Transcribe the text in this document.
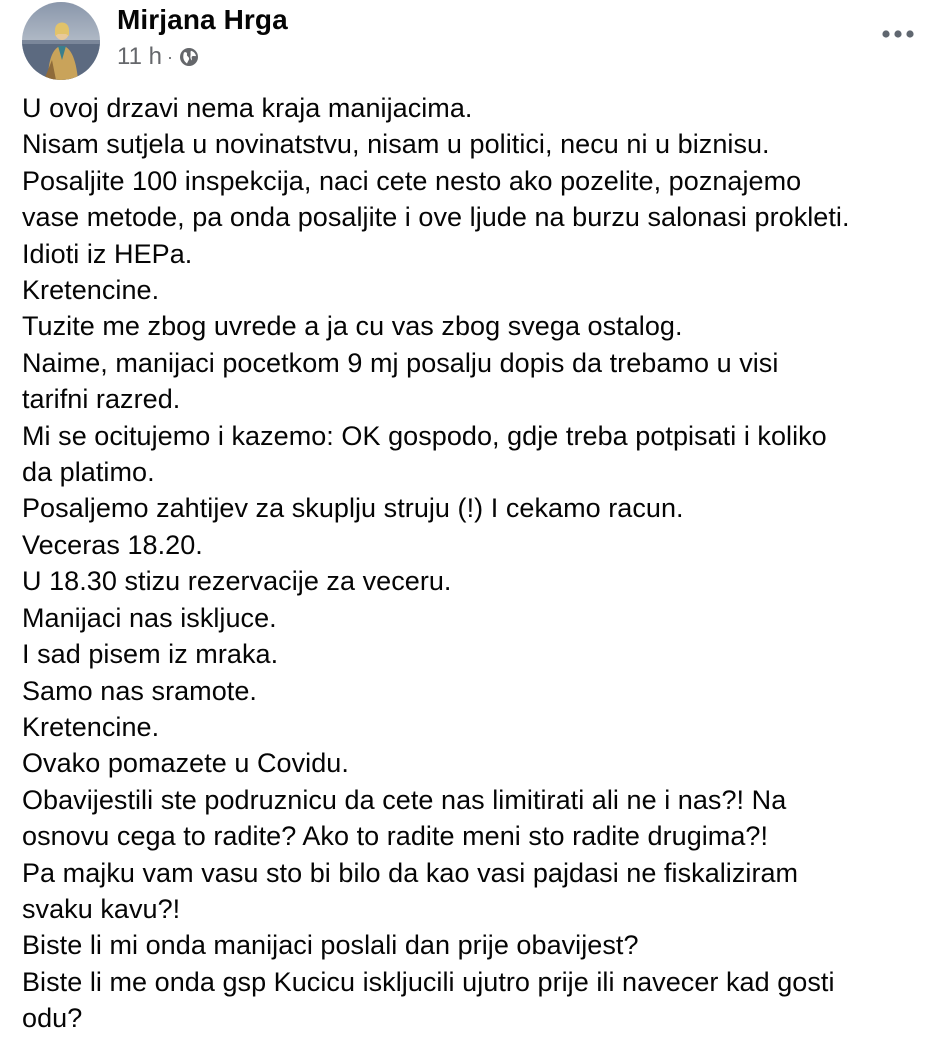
Mirjana Hrga
11 h ·
U ovoj drzavi nema kraja manijacima.
Nisam sutjela u novinatstvu, nisam u politici, necu ni u biznisu.
Posaljite 100 inspekcija, naci cete nesto ako pozelite, poznajemo
vase metode, pa onda posaljite i ove ljude na burzu salonasi prokleti.
Idioti iz HEPa.
Kretencine.
Tuzite me zbog uvrede a ja cu vas zbog svega ostalog.
Naime, manijaci pocetkom 9 mj posalju dopis da trebamo u visi
tarifni razred.
Mi se ocitujemo i kazemo: OK gospodo, gdje treba potpisati i koliko
da platimo.
Posaljemo zahtijev za skuplju struju (!) I cekamo racun.
Veceras 18.20.
U 18.30 stizu rezervacije za veceru.
Manijaci nas iskljuce.
I sad pisem iz mraka.
Samo nas sramote.
Kretencine.
Ovako pomazete u Covidu.
Obavijestili ste podruznicu da cete nas limitirati ali ne i nas?! Na
osnovu cega to radite? Ako to radite meni sto radite drugima?!
Pa majku vam vasu sto bi bilo da kao vasi pajdasi ne fiskaliziram
svaku kavu?!
Biste li mi onda manijaci poslali dan prije obavijest?
Biste li me onda gsp Kucicu iskljucili ujutro prije ili navecer kad gosti
odu?
